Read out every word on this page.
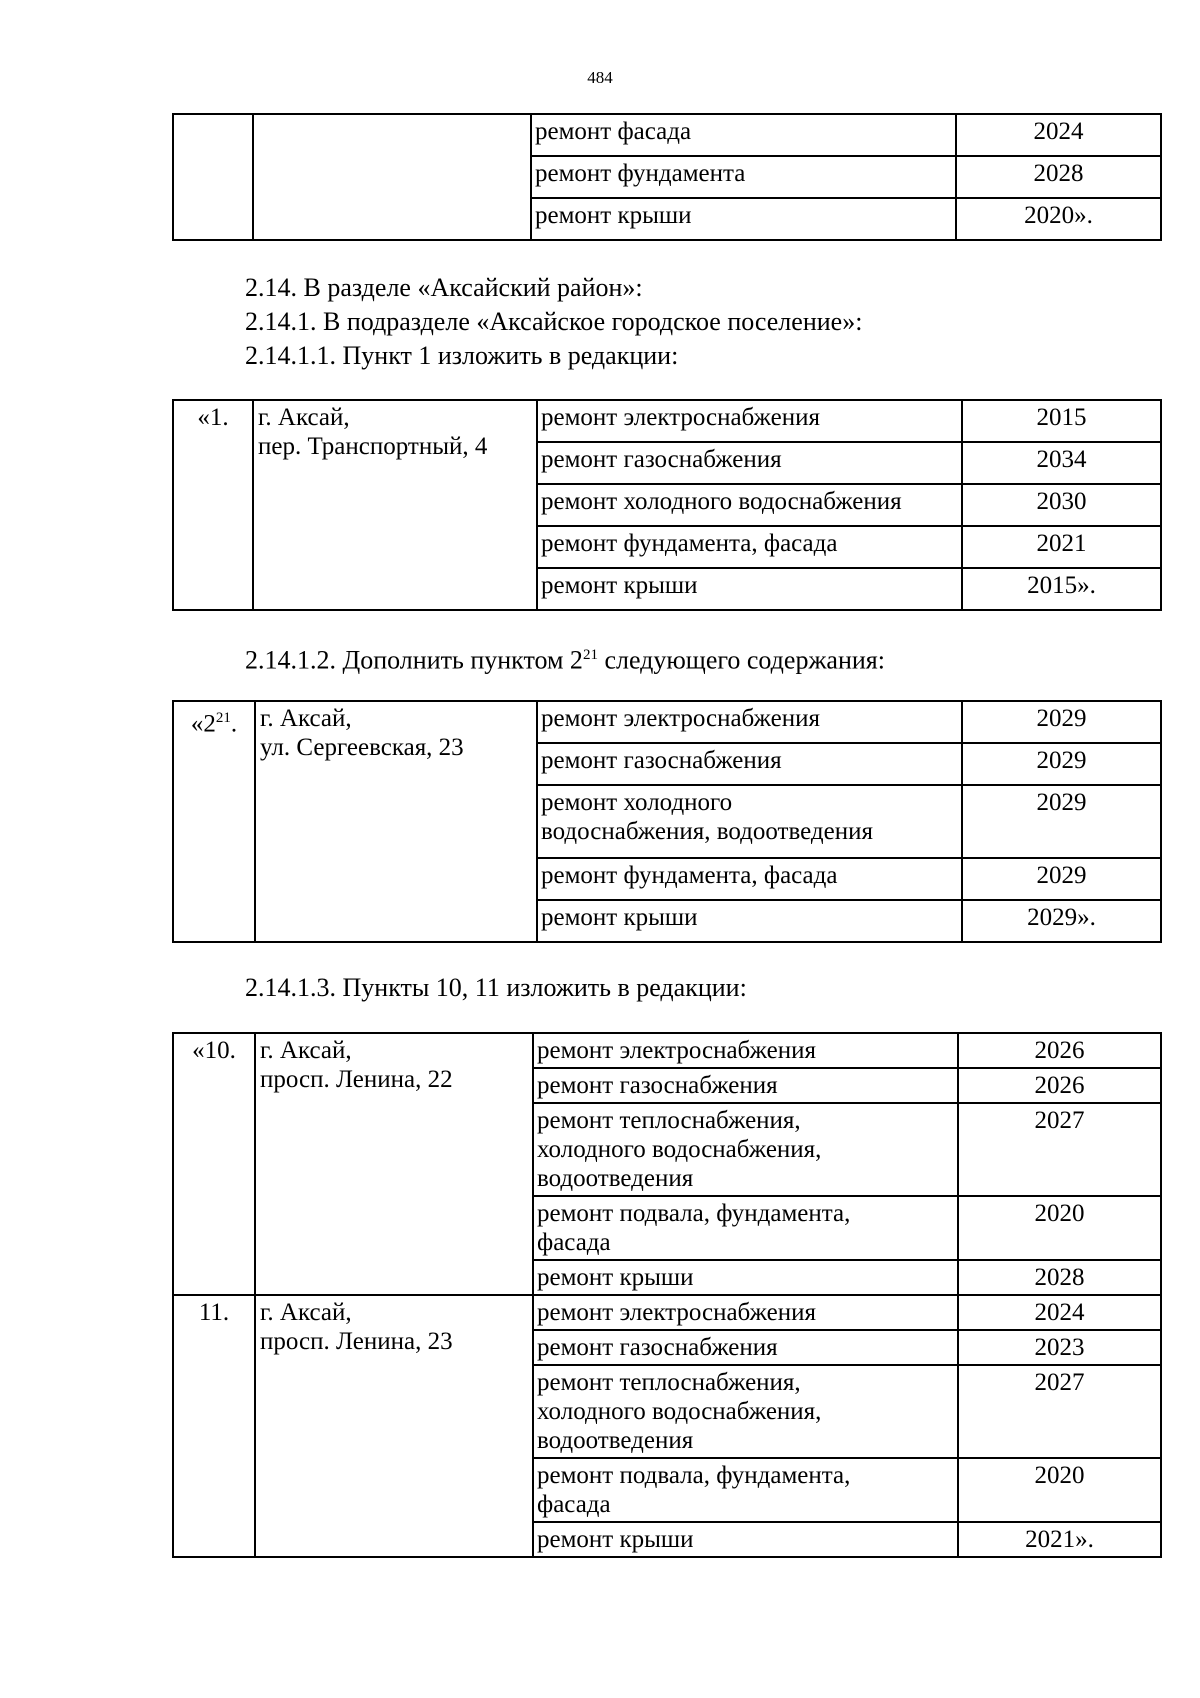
484
		ремонт фасада	2024
		ремонт фундамента	2028
		ремонт крыши	2020».

2.14. В разделе «Аксайский район»:

2.14.1. В подразделе «Аксайское городское поселение»:

2.14.1.1. Пункт 1 изложить в редакции:

«1.	г. Аксай,
пер. Транспортный, 4	ремонт электроснабжения	2015
		ремонт газоснабжения	2034
		ремонт холодного водоснабжения	2030
		ремонт фундамента, фасада	2021
		ремонт крыши	2015».

2.14.1.2. Дополнить пунктом $2^{21}$ следующего содержания:

«$2^{21}$.	г. Аксай,
ул. Сергеевская, 23	ремонт электроснабжения	2029
		ремонт газоснабжения	2029

		ремонт холодного
водоснабжения, водоотведения	2029
		ремонт фундамента, фасада	2029
		ремонт крыши	2029».

2.14.1.3. Пункты 10, 11 изложить в редакции:

«10.	г. Аксай,
просп. Ленина, 22	ремонт электроснабжения	2026

		ремонт газоснабжения	2026

		ремонт теплоснабжения,
холодного водоснабжения,
водоотведения	2027

		ремонт подвала, фундамента,
фасада	2020

		ремонт крыши	2028
11.	г. Аксай,
просп. Ленина, 23	ремонт электроснабжения	2024

		ремонт газоснабжения	2023

		ремонт теплоснабжения,
холодного водоснабжения,
водоотведения	2027

		ремонт подвала, фундамента,
фасада	2020

		ремонт крыши	2021».
